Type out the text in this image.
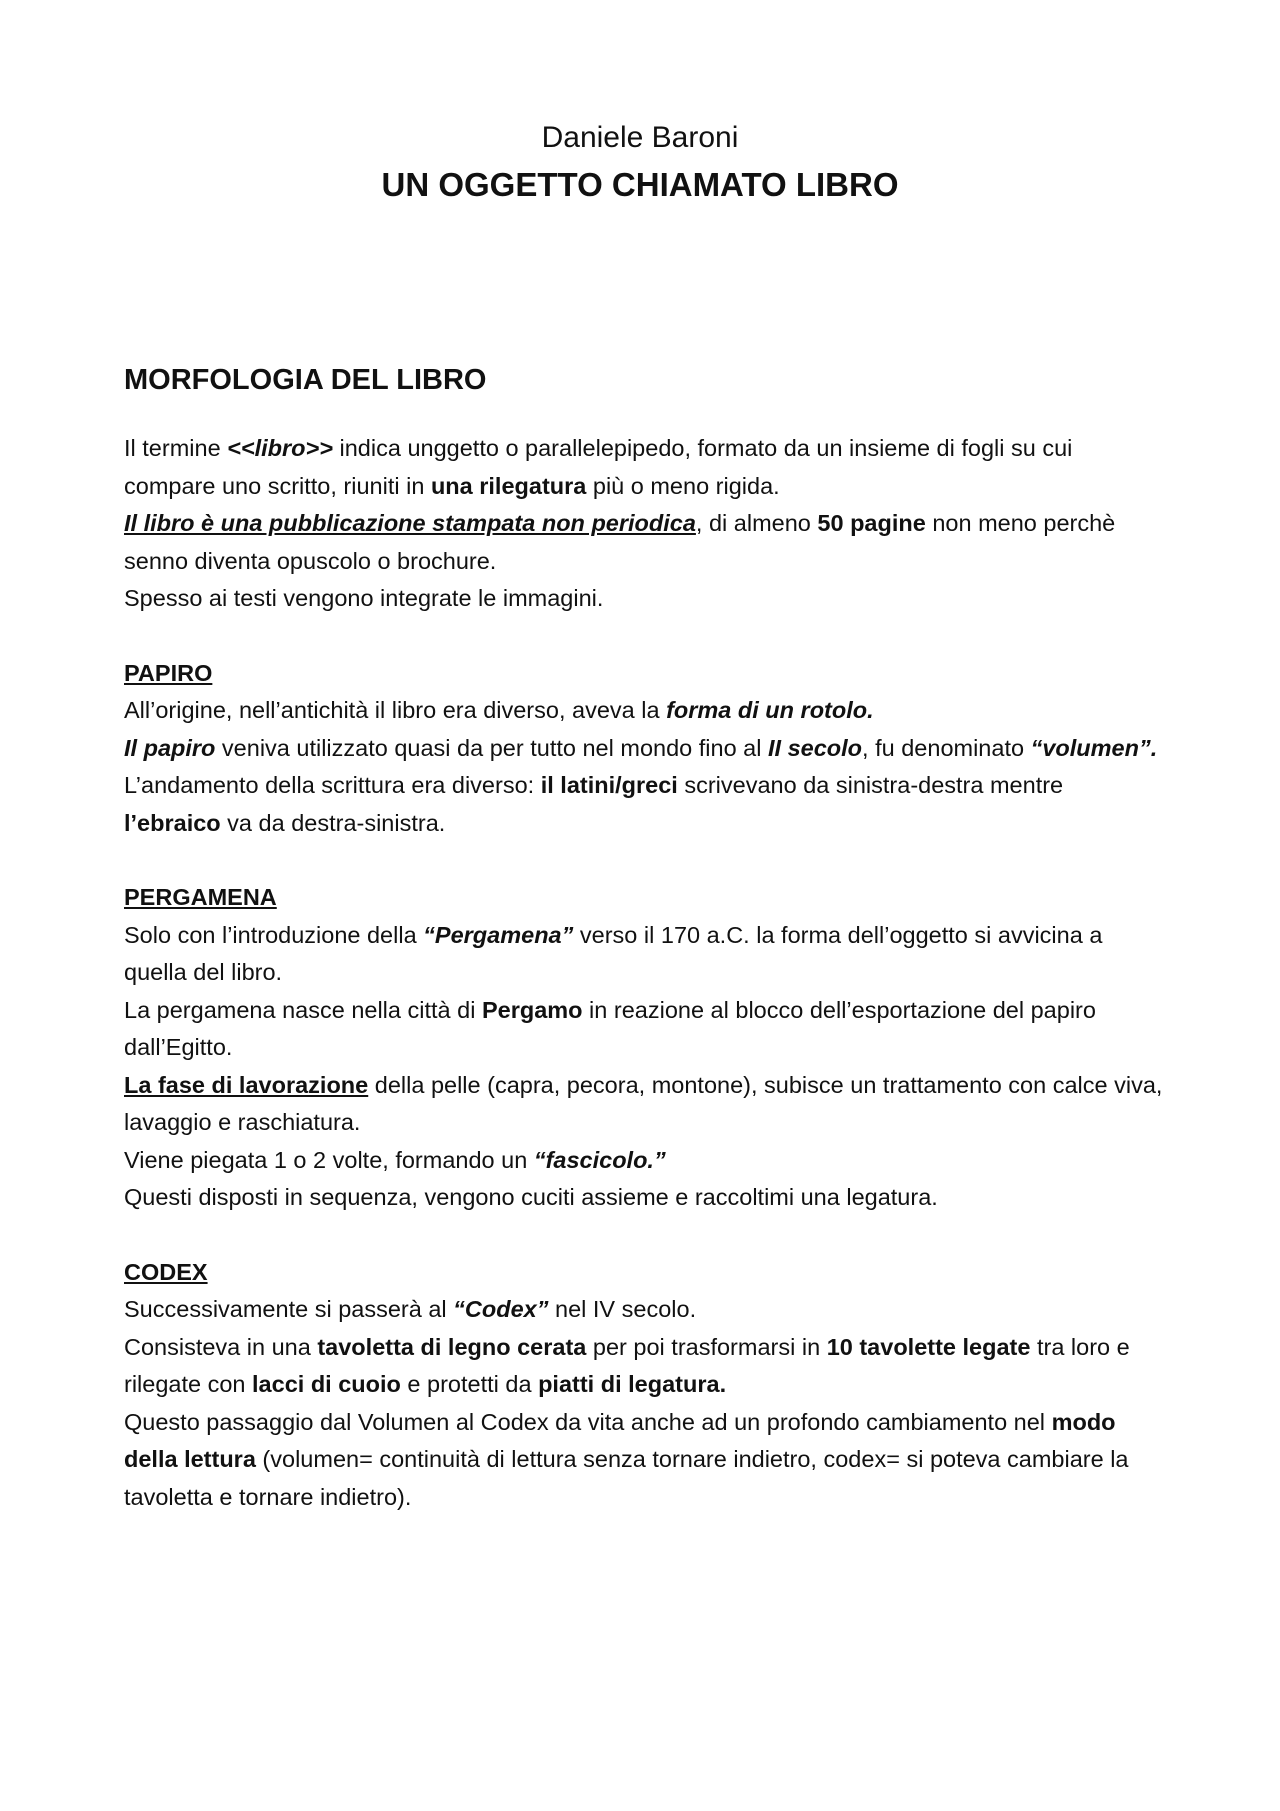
Daniele Baroni
UN OGGETTO CHIAMATO LIBRO
MORFOLOGIA DEL LIBRO

Il termine <<libro>> indica unggetto o parallelepipedo, formato da un insieme di fogli su cui compare uno scritto, riuniti in una rilegatura più o meno rigida.

Il libro è una pubblicazione stampata non periodica, di almeno 50 pagine non meno perchè senno diventa opuscolo o brochure.

Spesso ai testi vengono integrate le immagini.

PAPIRO

All’origine, nell’antichità il libro era diverso, aveva la forma di un rotolo.

Il papiro veniva utilizzato quasi da per tutto nel mondo fino al II secolo, fu denominato “volumen”.

L’andamento della scrittura era diverso: il latini/greci scrivevano da sinistra-destra mentre l’ebraico va da destra-sinistra.

PERGAMENA

Solo con l’introduzione della “Pergamena” verso il 170 a.C. la forma dell’oggetto si avvicina a quella del libro.

La pergamena nasce nella città di Pergamo in reazione al blocco dell’esportazione del papiro dall’Egitto.

La fase di lavorazione della pelle (capra, pecora, montone), subisce un trattamento con calce viva, lavaggio e raschiatura.

Viene piegata 1 o 2 volte, formando un “fascicolo.”

Questi disposti in sequenza, vengono cuciti assieme e raccoltimi una legatura.

CODEX

Successivamente si passerà al “Codex” nel IV secolo.

Consisteva in una tavoletta di legno cerata per poi trasformarsi in 10 tavolette legate tra loro e rilegate con lacci di cuoio e protetti da piatti di legatura.

Questo passaggio dal Volumen al Codex da vita anche ad un profondo cambiamento nel modo della lettura (volumen= continuità di lettura senza tornare indietro, codex= si poteva cambiare la tavoletta e tornare indietro).
